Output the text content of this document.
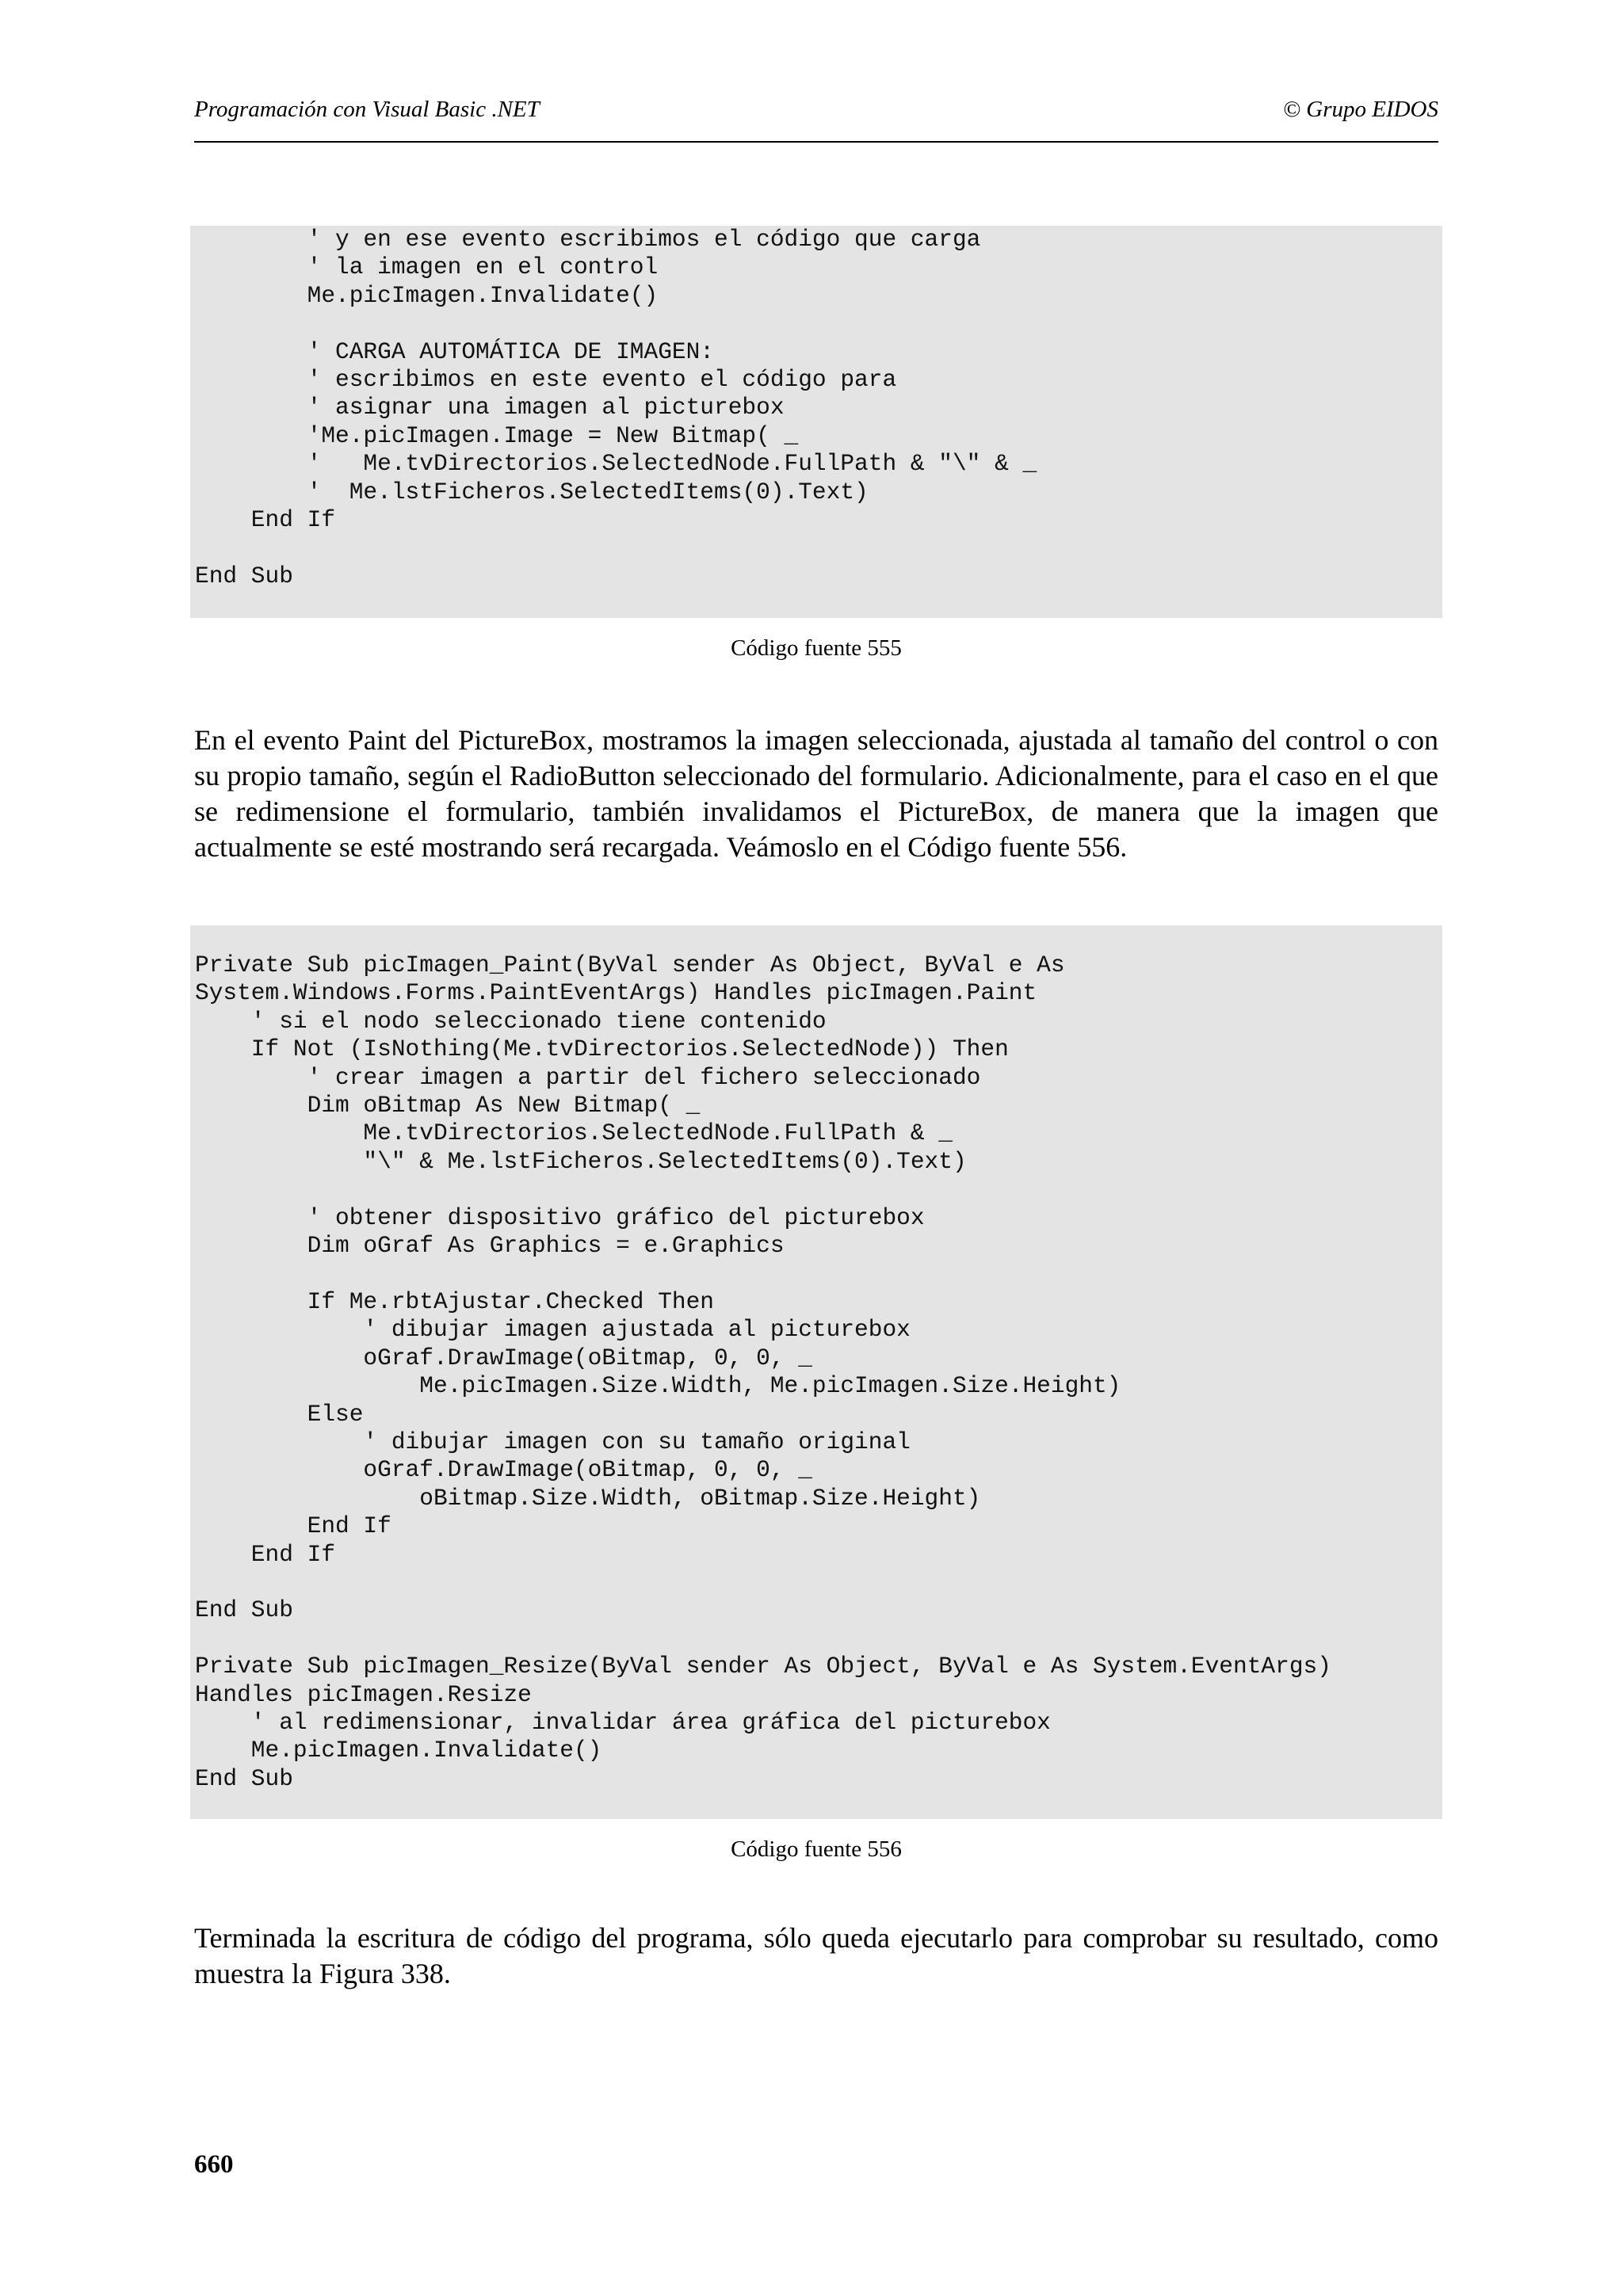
Programación con Visual Basic .NET	© Grupo EIDOS
' y en ese evento escribimos el código que carga
' la imagen en el control
Me.picImagen.Invalidate()

' CARGA AUTOMÁTICA DE IMAGEN:
' escribimos en este evento el código para
' asignar una imagen al picturebox
'Me.picImagen.Image = New Bitmap( _
'   Me.tvDirectorios.SelectedNode.FullPath & "\" & _
'  Me.lstFicheros.SelectedItems(0).Text)
End If

End Sub
Código fuente 555

En el evento Paint del PictureBox, mostramos la imagen seleccionada, ajustada al tamaño del control o con su propio tamaño, según el RadioButton seleccionado del formulario. Adicionalmente, para el caso en el que se redimensione el formulario, también invalidamos el PictureBox, de manera que la imagen que actualmente se esté mostrando será recargada. Veámoslo en el Código fuente 556.

Private Sub picImagen_Paint(ByVal sender As Object, ByVal e As
System.Windows.Forms.PaintEventArgs) Handles picImagen.Paint
' si el nodo seleccionado tiene contenido
If Not (IsNothing(Me.tvDirectorios.SelectedNode)) Then
' crear imagen a partir del fichero seleccionado
Dim oBitmap As New Bitmap( _
Me.tvDirectorios.SelectedNode.FullPath & _
"\" & Me.lstFicheros.SelectedItems(0).Text)

' obtener dispositivo gráfico del picturebox
Dim oGraf As Graphics = e.Graphics

If Me.rbtAjustar.Checked Then
' dibujar imagen ajustada al picturebox
oGraf.DrawImage(oBitmap, 0, 0, _
Me.picImagen.Size.Width, Me.picImagen.Size.Height)
Else
' dibujar imagen con su tamaño original
oGraf.DrawImage(oBitmap, 0, 0, _
oBitmap.Size.Width, oBitmap.Size.Height)
End If
End If

End Sub

Private Sub picImagen_Resize(ByVal sender As Object, ByVal e As System.EventArgs)
Handles picImagen.Resize
' al redimensionar, invalidar área gráfica del picturebox
Me.picImagen.Invalidate()
End Sub
Código fuente 556

Terminada la escritura de código del programa, sólo queda ejecutarlo para comprobar su resultado, como muestra la Figura 338.

660
